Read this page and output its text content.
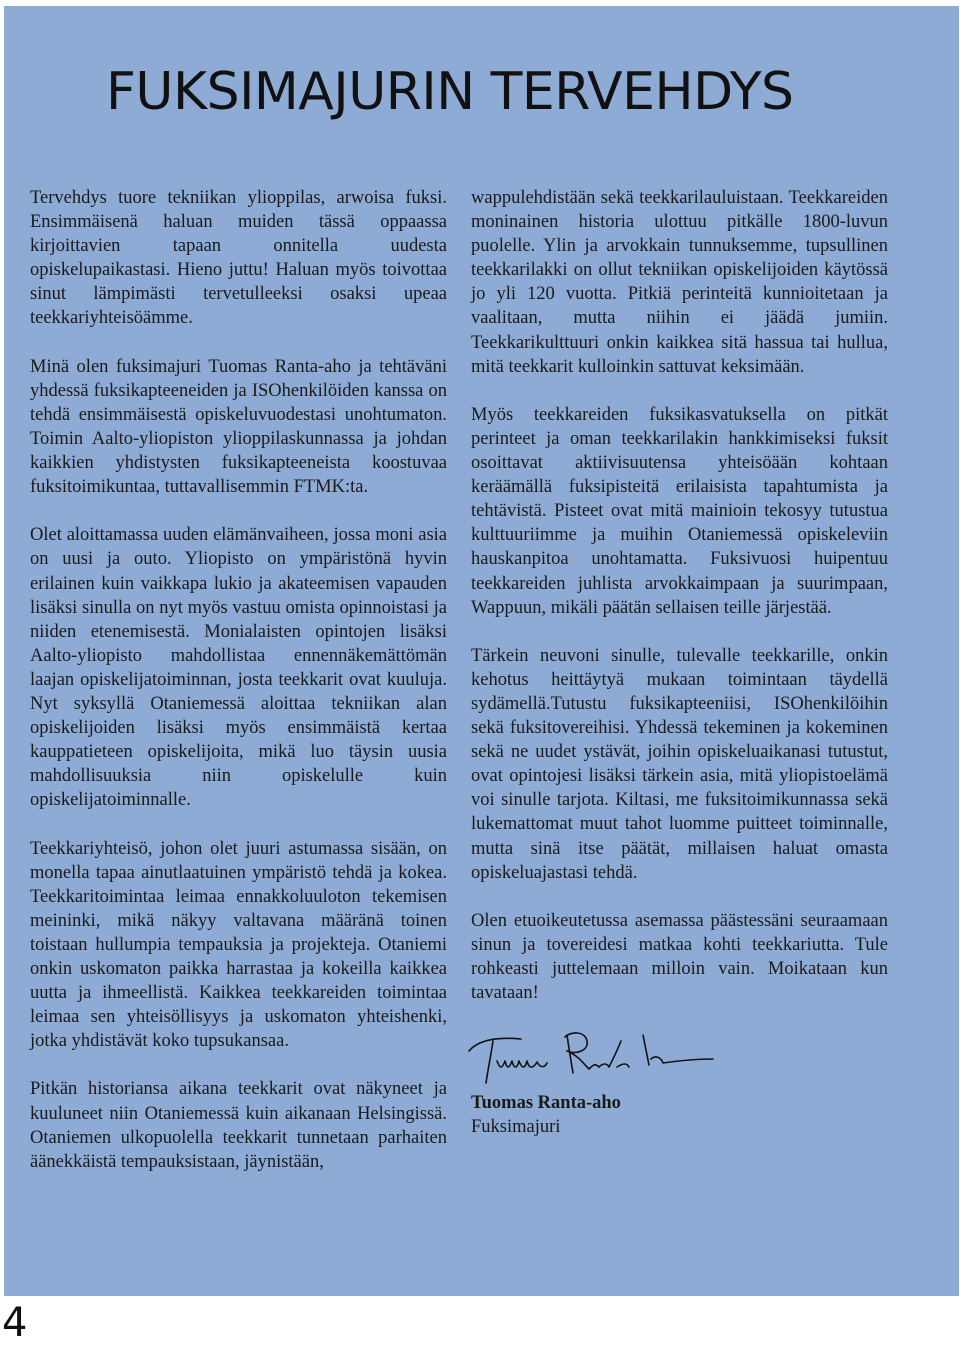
FUKSIMAJURIN TERVEHDYS

Tervehdys tuore tekniikan ylioppilas, arwoisa fuksi. Ensimmäisenä haluan muiden tässä oppaassa kirjoittavien tapaan onnitella uudesta opiskelupaikastasi. Hieno juttu! Haluan myös toivottaa sinut lämpimästi tervetulleeksi osaksi upeaa teekkariyhteisöämme.

Minä olen fuksimajuri Tuomas Ranta-aho ja tehtäväni yhdessä fuksikapteeneiden ja ISOhenkilöiden kanssa on tehdä ensimmäisestä opiskeluvuodestasi unohtumaton. Toimin Aalto-yliopiston ylioppilaskunnassa ja johdan kaikkien yhdistysten fuksikapteeneista koostuvaa fuksitoimikuntaa, tuttavallisemmin FTMK:ta.

Olet aloittamassa uuden elämänvaiheen, jossa moni asia on uusi ja outo. Yliopisto on ympäristönä hyvin erilainen kuin vaikkapa lukio ja akateemisen vapauden lisäksi sinulla on nyt myös vastuu omista opinnoistasi ja niiden etenemisestä. Monialaisten opintojen lisäksi Aalto-yliopisto mahdollistaa ennennäkemättömän laajan opiskelijatoiminnan, josta teekkarit ovat kuuluja. Nyt syksyllä Otaniemessä aloittaa tekniikan alan opiskelijoiden lisäksi myös ensimmäistä kertaa kauppatieteen opiskelijoita, mikä luo täysin uusia mahdollisuuksia niin opiskelulle kuin opiskelijatoiminnalle.

Teekkariyhteisö, johon olet juuri astumassa sisään, on monella tapaa ainutlaatuinen ympäristö tehdä ja kokea. Teekkaritoimintaa leimaa ennakkoluuloton tekemisen meininki, mikä näkyy valtavana määränä toinen toistaan hullumpia tempauksia ja projekteja. Otaniemi onkin uskomaton paikka harrastaa ja kokeilla kaikkea uutta ja ihmeellistä. Kaikkea teekkareiden toimintaa leimaa sen yhteisöllisyys ja uskomaton yhteishenki, jotka yhdistävät koko tupsukansaa.

Pitkän historiansa aikana teekkarit ovat näkyneet ja kuuluneet niin Otaniemessä kuin aikanaan Helsingissä. Otaniemen ulkopuolella teekkarit tunnetaan parhaiten äänekkäistä tempauksistaan, jäynistään,

wappulehdistään sekä teekkarilauluistaan. Teekkareiden moninainen historia ulottuu pitkälle 1800-luvun puolelle. Ylin ja arvokkain tunnuksemme, tupsullinen teekkarilakki on ollut tekniikan opiskelijoiden käytössä jo yli 120 vuotta. Pitkiä perinteitä kunnioitetaan ja vaalitaan, mutta niihin ei jäädä jumiin. Teekkarikulttuuri onkin kaikkea sitä hassua tai hullua, mitä teekkarit kulloinkin sattuvat keksimään.

Myös teekkareiden fuksikasvatuksella on pitkät perinteet ja oman teekkarilakin hankkimiseksi fuksit osoittavat aktiivisuutensa yhteisöään kohtaan keräämällä fuksipisteitä erilaisista tapahtumista ja tehtävistä. Pisteet ovat mitä mainioin tekosyy tutustua kulttuuriimme ja muihin Otaniemessä opiskeleviin hauskanpitoa unohtamatta. Fuksivuosi huipentuu teekkareiden juhlista arvokkaimpaan ja suurimpaan, Wappuun, mikäli päätän sellaisen teille järjestää.

Tärkein neuvoni sinulle, tulevalle teekkarille, onkin kehotus heittäytyä mukaan toimintaan täydellä sydämellä.Tutustu fuksikapteeniisi, ISOhenkilöihin sekä fuksitovereihisi. Yhdessä tekeminen ja kokeminen sekä ne uudet ystävät, joihin opiskeluaikanasi tutustut, ovat opintojesi lisäksi tärkein asia, mitä yliopistoelämä voi sinulle tarjota. Kiltasi, me fuksitoimikunnassa sekä lukemattomat muut tahot luomme puitteet toiminnalle, mutta sinä itse päätät, millaisen haluat omasta opiskeluajastasi tehdä.

Olen etuoikeutetussa asemassa päästessäni seuraamaan sinun ja tovereidesi matkaa kohti teekkariutta. Tule rohkeasti juttelemaan milloin vain. Moikataan kun tavataan!

Tuomas Ranta-aho
Fuksimajuri
4
